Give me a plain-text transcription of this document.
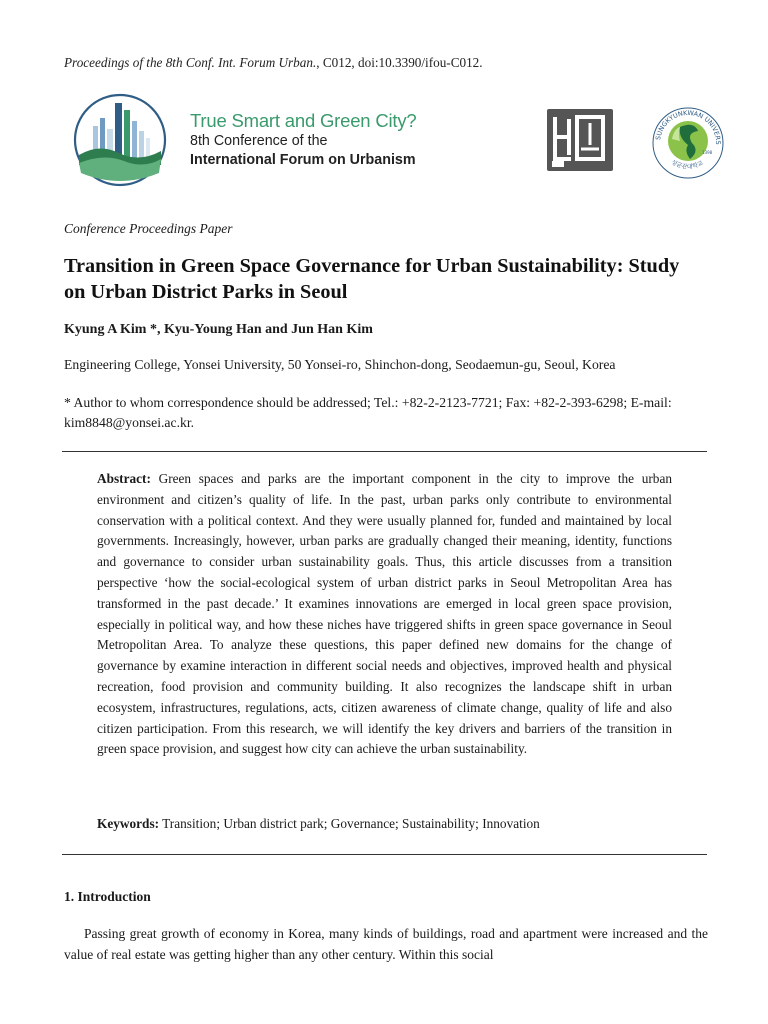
Proceedings of the 8th Conf. Int. Forum Urban., C012, doi:10.3390/ifou-C012.
True Smart and Green City?
8th Conference of the
International Forum on Urbanism
SUNGKYUNKWAN UNIVERS
성균관대학교
1398
Conference Proceedings Paper
Transition in Green Space Governance for Urban Sustainability: Study on Urban District Parks in Seoul
Kyung A Kim *, Kyu-Young Han and Jun Han Kim
Engineering College, Yonsei University, 50 Yonsei-ro, Shinchon-dong, Seodaemun-gu, Seoul, Korea
* Author to whom correspondence should be addressed; Tel.: +82-2-2123-7721; Fax: +82-2-393-6298; E-mail: kim8848@yonsei.ac.kr.
Abstract: Green spaces and parks are the important component in the city to improve the urban environment and citizen’s quality of life. In the past, urban parks only contribute to environmental conservation with a political context. And they were usually planned for, funded and maintained by local governments. Increasingly, however, urban parks are gradually changed their meaning, identity, functions and governance to consider urban sustainability goals. Thus, this article discusses from a transition perspective ‘how the social-ecological system of urban district parks in Seoul Metropolitan Area has transformed in the past decade.’ It examines innovations are emerged in local green space provision, especially in political way, and how these niches have triggered shifts in green space governance in Seoul Metropolitan Area. To analyze these questions, this paper defined new domains for the change of governance by examine interaction in different social needs and objectives, improved health and physical recreation, food provision and community building. It also recognizes the landscape shift in urban ecosystem, infrastructures, regulations, acts, citizen awareness of climate change, quality of life and also citizen participation. From this research, we will identify the key drivers and barriers of the transition in green space provision, and suggest how city can achieve the urban sustainability.
Keywords: Transition; Urban district park; Governance; Sustainability; Innovation
1. Introduction
Passing great growth of economy in Korea, many kinds of buildings, road and apartment were increased and the value of real estate was getting higher than any other century. Within this social
